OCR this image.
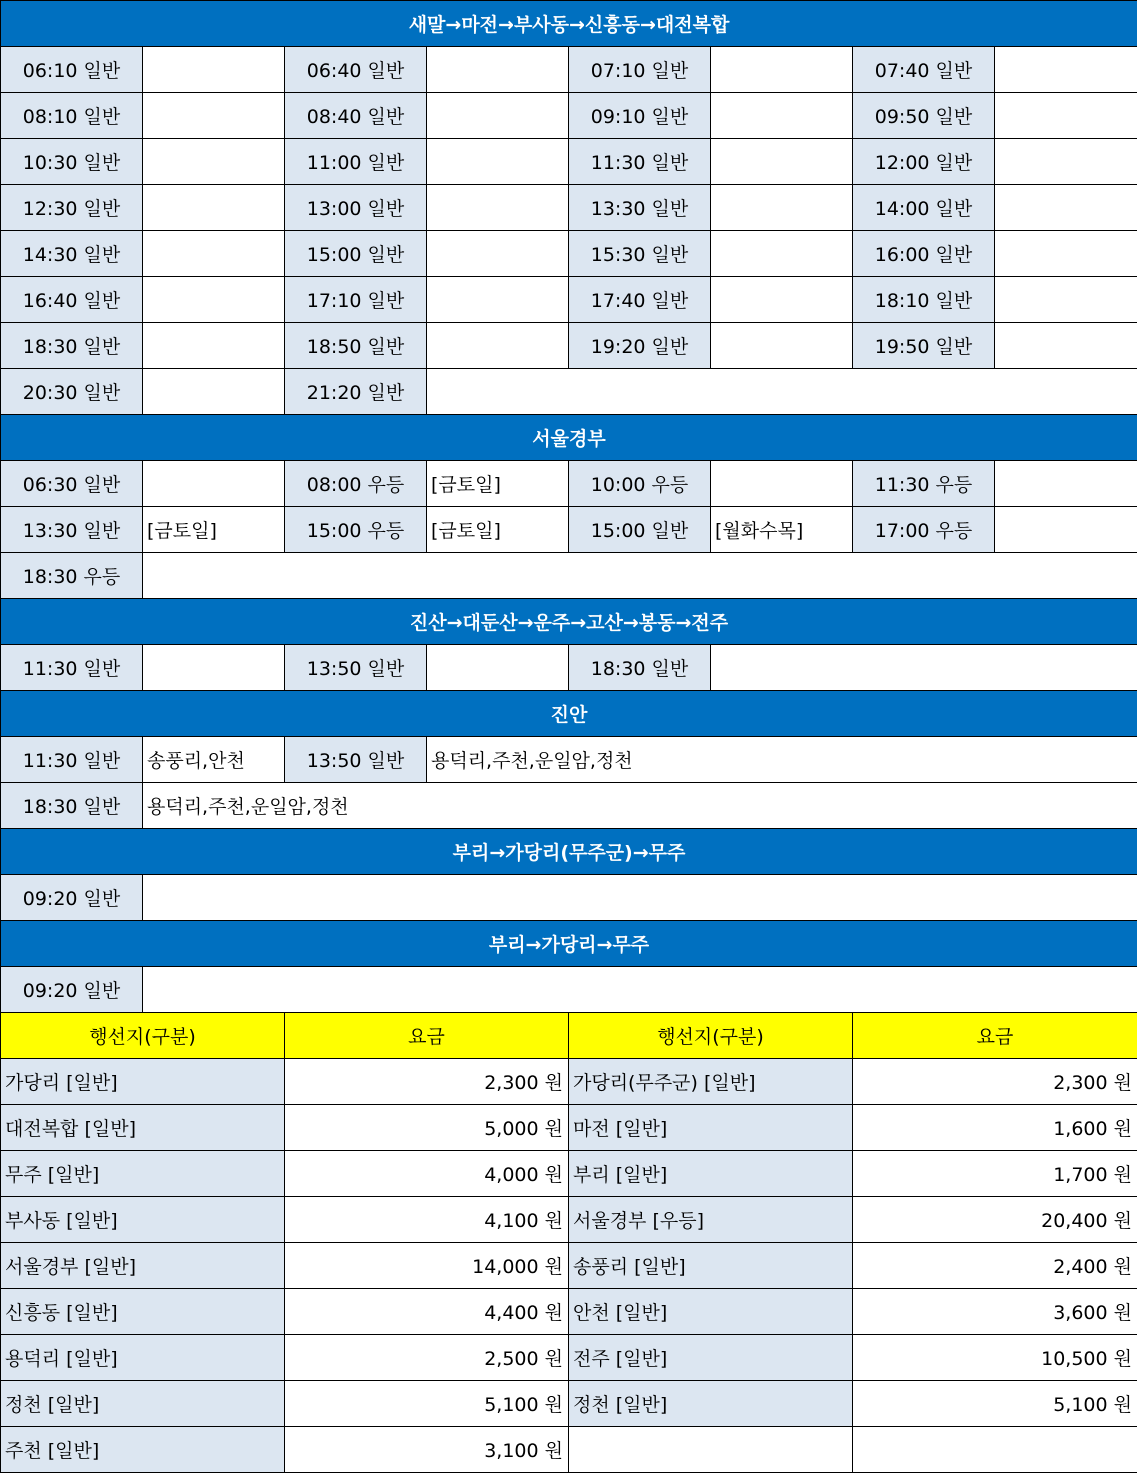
새말→마전→부사동→신흥동→대전복합							
06:10 일반		06:40 일반		07:10 일반		07:40 일반	
08:10 일반		08:40 일반		09:10 일반		09:50 일반	
10:30 일반		11:00 일반		11:30 일반		12:00 일반	
12:30 일반		13:00 일반		13:30 일반		14:00 일반	
14:30 일반		15:00 일반		15:30 일반		16:00 일반	
16:40 일반		17:10 일반		17:40 일반		18:10 일반	
18:30 일반		18:50 일반		19:20 일반		19:50 일반	
20:30 일반		21:20 일반					
서울경부							
06:30 일반		08:00 우등	[금토일]	10:00 우등		11:30 우등	
13:30 일반	[금토일]	15:00 우등	[금토일]	15:00 일반	[월화수목]	17:00 우등	
18:30 우등							
진산→대둔산→운주→고산→봉동→전주							
11:30 일반		13:50 일반		18:30 일반			
진안							
11:30 일반	송풍리,안천	13:50 일반	용덕리,주천,운일암,정천				
18:30 일반	용덕리,주천,운일암,정천						
부리→가당리(무주군)→무주							
09:20 일반							
부리→가당리→무주							
09:20 일반							
행선지(구분)		요금		행선지(구분)		요금	
가당리 [일반]		2,300 원		가당리(무주군) [일반]		2,300 원	
대전복합 [일반]		5,000 원		마전 [일반]		1,600 원	
무주 [일반]		4,000 원		부리 [일반]		1,700 원	
부사동 [일반]		4,100 원		서울경부 [우등]		20,400 원	
서울경부 [일반]		14,000 원		송풍리 [일반]		2,400 원	
신흥동 [일반]		4,400 원		안천 [일반]		3,600 원	
용덕리 [일반]		2,500 원		전주 [일반]		10,500 원	
정천 [일반]		5,100 원		정천 [일반]		5,100 원	
주천 [일반]		3,100 원					
